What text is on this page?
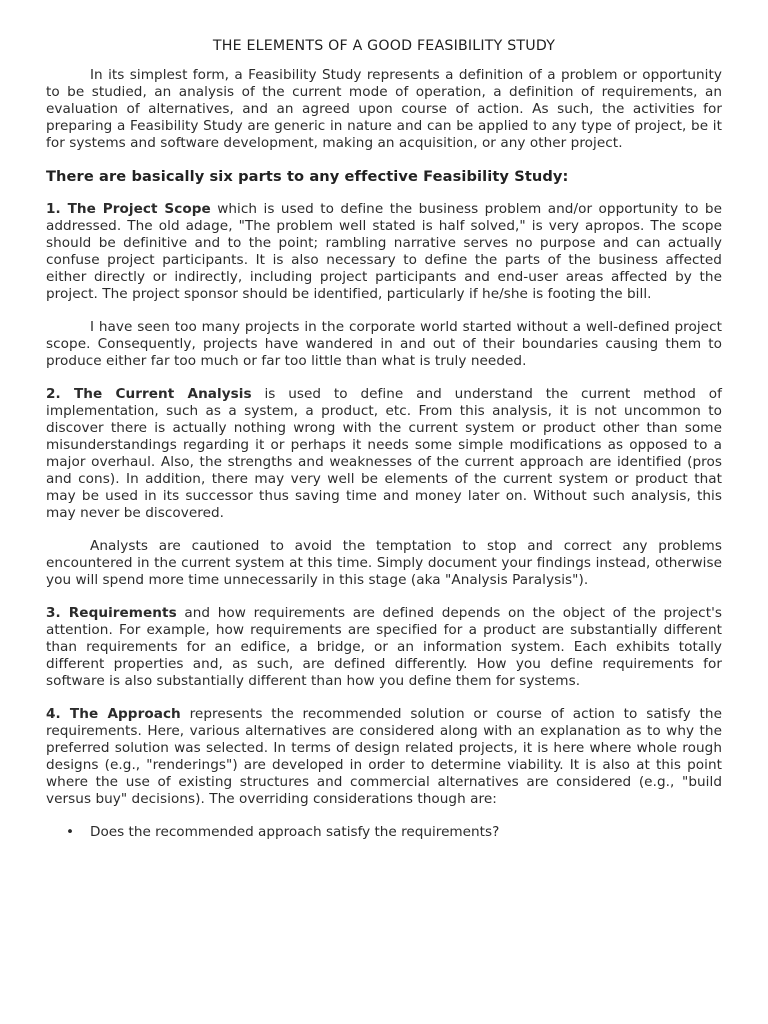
THE ELEMENTS OF A GOOD FEASIBILITY STUDY

In its simplest form, a Feasibility Study represents a definition of a problem or opportunity to be studied, an analysis of the current mode of operation, a definition of requirements, an evaluation of alternatives, and an agreed upon course of action. As such, the activities for preparing a Feasibility Study are generic in nature and can be applied to any type of project, be it for systems and software development, making an acquisition, or any other project.

There are basically six parts to any effective Feasibility Study:

1. The Project Scope which is used to define the business problem and/or opportunity to be addressed. The old adage, "The problem well stated is half solved," is very apropos. The scope should be definitive and to the point; rambling narrative serves no purpose and can actually confuse project participants. It is also necessary to define the parts of the business affected either directly or indirectly, including project participants and end-user areas affected by the project. The project sponsor should be identified, particularly if he/she is footing the bill.

I have seen too many projects in the corporate world started without a well-defined project scope. Consequently, projects have wandered in and out of their boundaries causing them to produce either far too much or far too little than what is truly needed.

2. The Current Analysis is used to define and understand the current method of implementation, such as a system, a product, etc. From this analysis, it is not uncommon to discover there is actually nothing wrong with the current system or product other than some misunderstandings regarding it or perhaps it needs some simple modifications as opposed to a major overhaul. Also, the strengths and weaknesses of the current approach are identified (pros and cons). In addition, there may very well be elements of the current system or product that may be used in its successor thus saving time and money later on. Without such analysis, this may never be discovered.

Analysts are cautioned to avoid the temptation to stop and correct any problems encountered in the current system at this time. Simply document your findings instead, otherwise you will spend more time unnecessarily in this stage (aka "Analysis Paralysis").

3. Requirements and how requirements are defined depends on the object of the project's attention. For example, how requirements are specified for a product are substantially different than requirements for an edifice, a bridge, or an information system. Each exhibits totally different properties and, as such, are defined differently. How you define requirements for software is also substantially different than how you define them for systems.

4. The Approach represents the recommended solution or course of action to satisfy the requirements. Here, various alternatives are considered along with an explanation as to why the preferred solution was selected. In terms of design related projects, it is here where whole rough designs (e.g., "renderings") are developed in order to determine viability. It is also at this point where the use of existing structures and commercial alternatives are considered (e.g., "build versus buy" decisions). The overriding considerations though are:

• Does the recommended approach satisfy the requirements?
